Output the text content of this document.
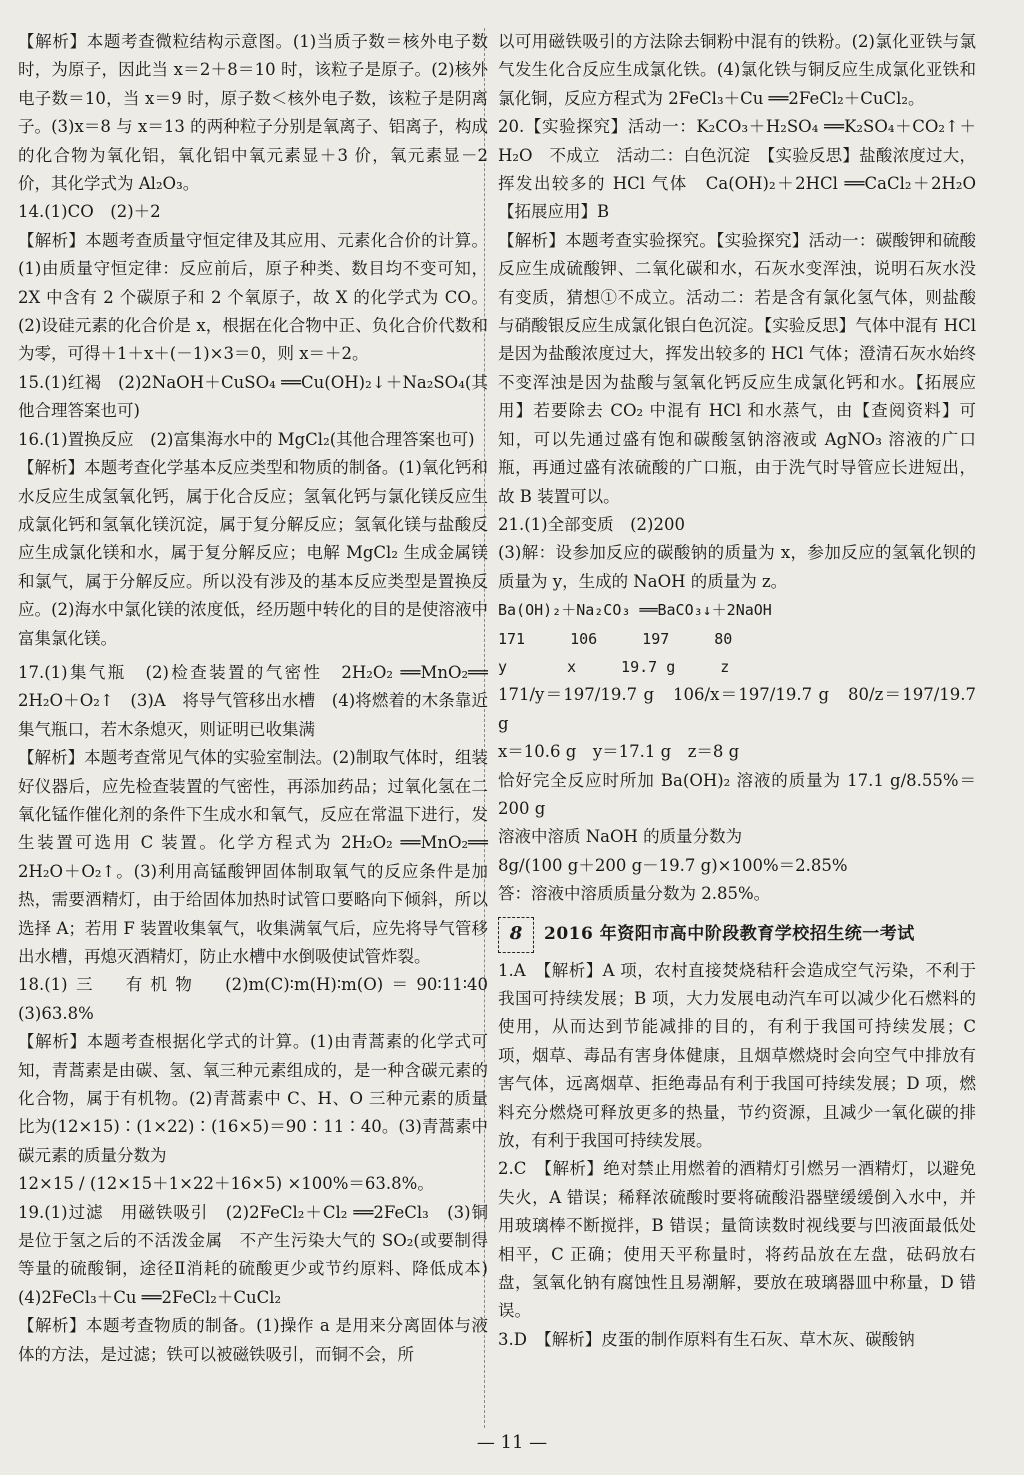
【解析】本题考查微粒结构示意图。(1)当质子数＝核外电子数时，为原子，因此当 x＝2＋8＝10 时，该粒子是原子。(2)核外电子数＝10，当 x＝9 时，原子数＜核外电子数，该粒子是阴离子。(3)x＝8 与 x＝13 的两种粒子分别是氧离子、铝离子，构成的化合物为氧化铝，氧化铝中氧元素显＋3 价，氧元素显－2 价，其化学式为 Al₂O₃。

14.(1)CO　(2)＋2

【解析】本题考查质量守恒定律及其应用、元素化合价的计算。(1)由质量守恒定律：反应前后，原子种类、数目均不变可知，2X 中含有 2 个碳原子和 2 个氧原子，故 X 的化学式为 CO。(2)设硅元素的化合价是 x，根据在化合物中正、负化合价代数和为零，可得＋1＋x＋(－1)×3＝0，则 x＝＋2。

15.(1)红褐　(2)2NaOH＋CuSO₄ ══Cu(OH)₂↓＋Na₂SO₄(其他合理答案也可)

16.(1)置换反应　(2)富集海水中的 MgCl₂(其他合理答案也可)

【解析】本题考查化学基本反应类型和物质的制备。(1)氧化钙和水反应生成氢氧化钙，属于化合反应；氢氧化钙与氯化镁反应生成氯化钙和氢氧化镁沉淀，属于复分解反应；氢氧化镁与盐酸反应生成氯化镁和水，属于复分解反应；电解 MgCl₂ 生成金属镁和氯气，属于分解反应。所以没有涉及的基本反应类型是置换反应。(2)海水中氯化镁的浓度低，经历题中转化的目的是使溶液中富集氯化镁。

17.(1)集气瓶　(2)检查装置的气密性　2H₂O₂ ══MnO₂══ 2H₂O＋O₂↑　(3)A　将导气管移出水槽　(4)将燃着的木条靠近集气瓶口，若木条熄灭，则证明已收集满

【解析】本题考查常见气体的实验室制法。(2)制取气体时，组装好仪器后，应先检查装置的气密性，再添加药品；过氧化氢在二氧化锰作催化剂的条件下生成水和氧气，反应在常温下进行，发生装置可选用 C 装置。化学方程式为 2H₂O₂ ══MnO₂══ 2H₂O＋O₂↑。(3)利用高锰酸钾固体制取氧气的反应条件是加热，需要酒精灯，由于给固体加热时试管口要略向下倾斜，所以选择 A；若用 F 装置收集氧气，收集满氧气后，应先将导气管移出水槽，再熄灭酒精灯，防止水槽中水倒吸使试管炸裂。

18.(1)三　有机物　(2)m(C)∶m(H)∶m(O)＝90∶11∶40　(3)63.8%

【解析】本题考查根据化学式的计算。(1)由青蒿素的化学式可知，青蒿素是由碳、氢、氧三种元素组成的，是一种含碳元素的化合物，属于有机物。(2)青蒿素中 C、H、O 三种元素的质量比为(12×15)∶(1×22)∶(16×5)＝90∶11∶40。(3)青蒿素中碳元素的质量分数为

12×15 / (12×15＋1×22＋16×5) ×100%＝63.8%。

19.(1)过滤　用磁铁吸引　(2)2FeCl₂＋Cl₂ ══2FeCl₃　(3)铜是位于氢之后的不活泼金属　不产生污染大气的 SO₂(或要制得等量的硫酸铜，途径Ⅱ消耗的硫酸更少或节约原料、降低成本)　(4)2FeCl₃＋Cu ══2FeCl₂＋CuCl₂

【解析】本题考查物质的制备。(1)操作 a 是用来分离固体与液体的方法，是过滤；铁可以被磁铁吸引，而铜不会，所

以可用磁铁吸引的方法除去铜粉中混有的铁粉。(2)氯化亚铁与氯气发生化合反应生成氯化铁。(4)氯化铁与铜反应生成氯化亚铁和氯化铜，反应方程式为 2FeCl₃＋Cu ══2FeCl₂＋CuCl₂。

20.【实验探究】活动一：K₂CO₃＋H₂SO₄ ══K₂SO₄＋CO₂↑＋H₂O　不成立　活动二：白色沉淀　【实验反思】盐酸浓度过大，挥发出较多的 HCl 气体　Ca(OH)₂＋2HCl ══CaCl₂＋2H₂O　【拓展应用】B

【解析】本题考查实验探究。【实验探究】活动一：碳酸钾和硫酸反应生成硫酸钾、二氧化碳和水，石灰水变浑浊，说明石灰水没有变质，猜想①不成立。活动二：若是含有氯化氢气体，则盐酸与硝酸银反应生成氯化银白色沉淀。【实验反思】气体中混有 HCl 是因为盐酸浓度过大，挥发出较多的 HCl 气体；澄清石灰水始终不变浑浊是因为盐酸与氢氧化钙反应生成氯化钙和水。【拓展应用】若要除去 CO₂ 中混有 HCl 和水蒸气，由【查阅资料】可知，可以先通过盛有饱和碳酸氢钠溶液或 AgNO₃ 溶液的广口瓶，再通过盛有浓硫酸的广口瓶，由于洗气时导管应长进短出，故 B 装置可以。

21.(1)全部变质　(2)200

(3)解：设参加反应的碳酸钠的质量为 x，参加反应的氢氧化钡的质量为 y，生成的 NaOH 的质量为 z。

Ba(OH)₂＋Na₂CO₃ ══BaCO₃↓＋2NaOH

171　　　106　　　197　　　80

y　　　　x　　　19.7 g　　　z

171/y＝197/19.7 g　106/x＝197/19.7 g　80/z＝197/19.7 g

x＝10.6 g　y＝17.1 g　z＝8 g

恰好完全反应时所加 Ba(OH)₂ 溶液的质量为 17.1 g/8.55%＝200 g

溶液中溶质 NaOH 的质量分数为

8g/(100 g＋200 g－19.7 g)×100%＝2.85%

答：溶液中溶质质量分数为 2.85%。

8	2016 年资阳市高中阶段教育学校招生统一考试

1.A　【解析】A 项，农村直接焚烧秸秆会造成空气污染，不利于我国可持续发展；B 项，大力发展电动汽车可以减少化石燃料的使用，从而达到节能减排的目的，有利于我国可持续发展；C 项，烟草、毒品有害身体健康，且烟草燃烧时会向空气中排放有害气体，远离烟草、拒绝毒品有利于我国可持续发展；D 项，燃料充分燃烧可释放更多的热量，节约资源，且减少一氧化碳的排放，有利于我国可持续发展。

2.C　【解析】绝对禁止用燃着的酒精灯引燃另一酒精灯，以避免失火，A 错误；稀释浓硫酸时要将硫酸沿器壁缓缓倒入水中，并用玻璃棒不断搅拌，B 错误；量筒读数时视线要与凹液面最低处相平，C 正确；使用天平称量时，将药品放在左盘，砝码放右盘，氢氧化钠有腐蚀性且易潮解，要放在玻璃器皿中称量，D 错误。

3.D　【解析】皮蛋的制作原料有生石灰、草木灰、碳酸钠

— 11 —
